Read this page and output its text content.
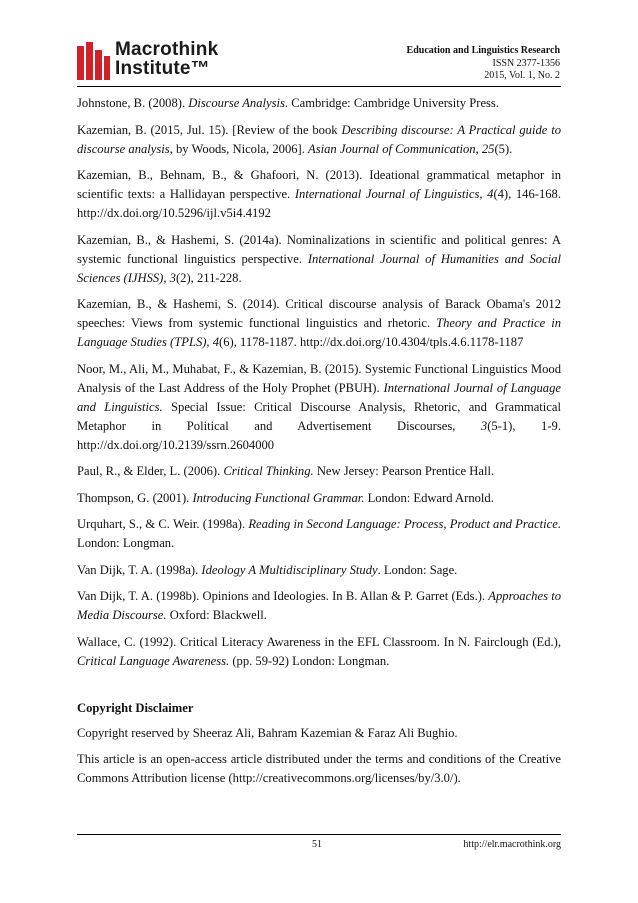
Macrothink
Institute™
Education and Linguistics Research
ISSN 2377-1356
2015, Vol. 1, No. 2

Johnstone, B. (2008). Discourse Analysis. Cambridge: Cambridge University Press.

Kazemian, B. (2015, Jul. 15). [Review of the book Describing discourse: A Practical guide to discourse analysis, by Woods, Nicola, 2006]. Asian Journal of Communication, 25(5).

Kazemian, B., Behnam, B., & Ghafoori, N. (2013). Ideational grammatical metaphor in scientific texts: a Hallidayan perspective. International Journal of Linguistics, 4(4), 146-168. http://dx.doi.org/10.5296/ijl.v5i4.4192

Kazemian, B., & Hashemi, S. (2014a). Nominalizations in scientific and political genres: A systemic functional linguistics perspective. International Journal of Humanities and Social Sciences (IJHSS), 3(2), 211-228.

Kazemian, B., & Hashemi, S. (2014). Critical discourse analysis of Barack Obama's 2012 speeches: Views from systemic functional linguistics and rhetoric. Theory and Practice in Language Studies (TPLS), 4(6), 1178-1187. http://dx.doi.org/10.4304/tpls.4.6.1178-1187

Noor, M., Ali, M., Muhabat, F., & Kazemian, B. (2015). Systemic Functional Linguistics Mood Analysis of the Last Address of the Holy Prophet (PBUH). International Journal of Language and Linguistics. Special Issue: Critical Discourse Analysis, Rhetoric, and Grammatical Metaphor in Political and Advertisement Discourses, 3(5-1), 1-9. http://dx.doi.org/10.2139/ssrn.2604000

Paul, R., & Elder, L. (2006). Critical Thinking. New Jersey: Pearson Prentice Hall.

Thompson, G. (2001). Introducing Functional Grammar. London: Edward Arnold.

Urquhart, S., & C. Weir. (1998a). Reading in Second Language: Process, Product and Practice. London: Longman.

Van Dijk, T. A. (1998a). Ideology A Multidisciplinary Study. London: Sage.

Van Dijk, T. A. (1998b). Opinions and Ideologies. In B. Allan & P. Garret (Eds.). Approaches to Media Discourse. Oxford: Blackwell.

Wallace, C. (1992). Critical Literacy Awareness in the EFL Classroom. In N. Fairclough (Ed.), Critical Language Awareness. (pp. 59-92) London: Longman.

Copyright Disclaimer

Copyright reserved by Sheeraz Ali, Bahram Kazemian & Faraz Ali Bughio.

This article is an open-access article distributed under the terms and conditions of the Creative Commons Attribution license (http://creativecommons.org/licenses/by/3.0/).

51	http://elr.macrothink.org
